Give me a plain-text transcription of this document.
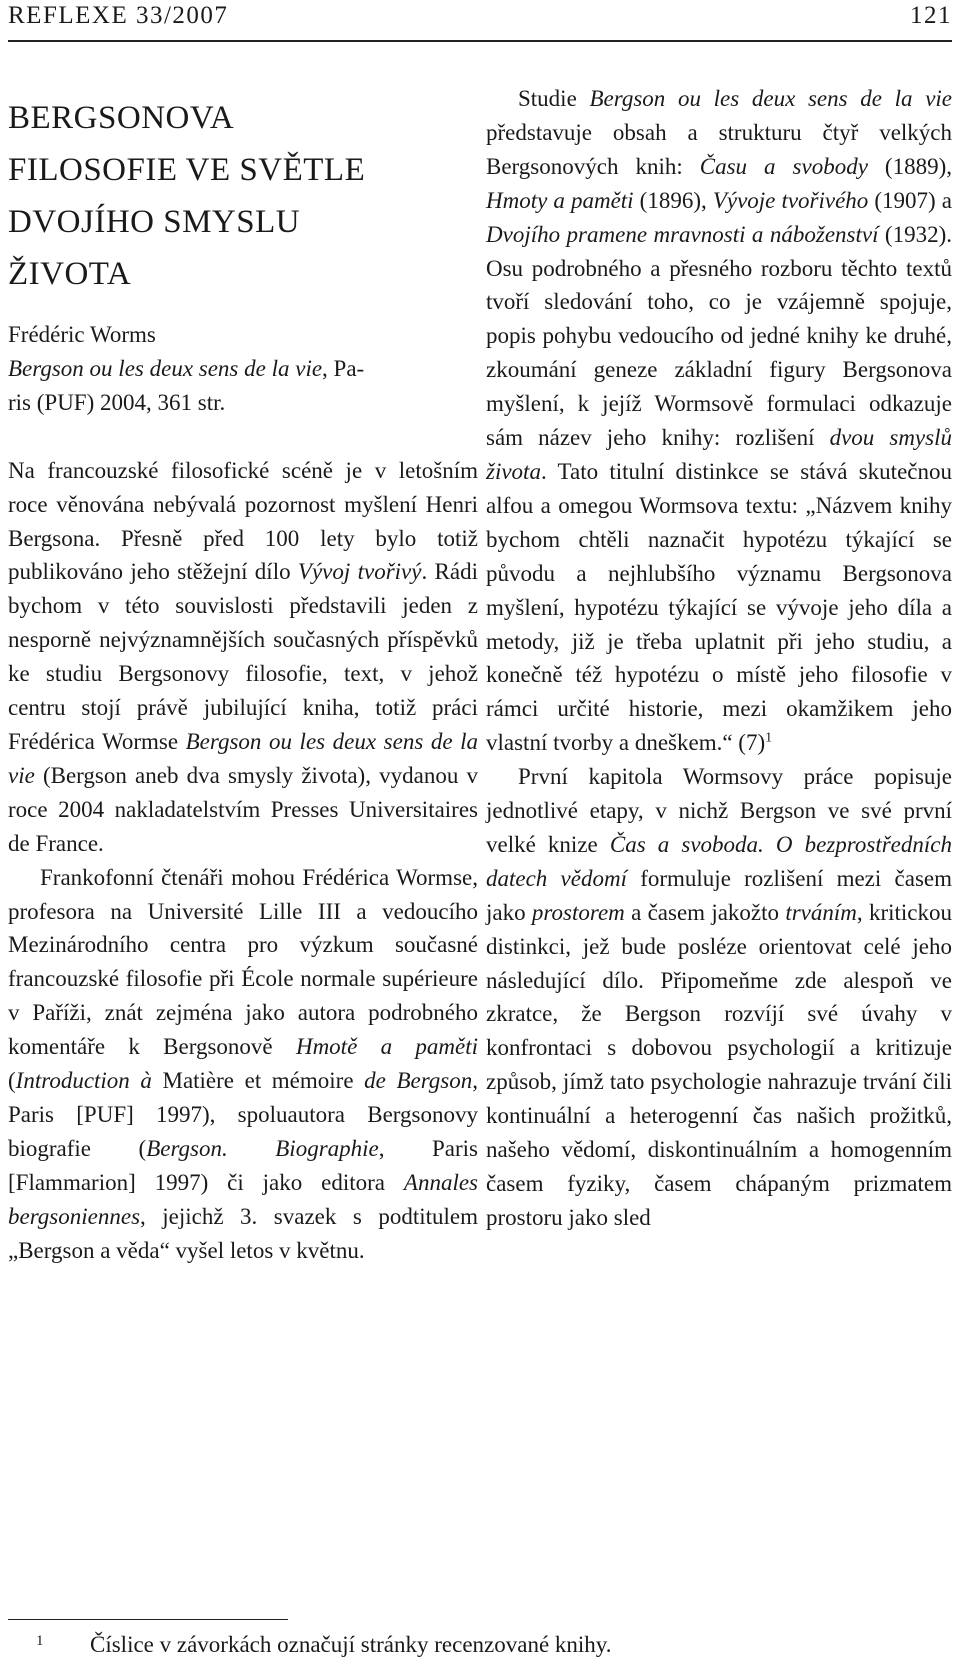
REFLEXE 33/2007	121
BERGSONOVA
FILOSOFIE VE SVĚTLE
DVOJÍHO SMYSLU
ŽIVOTA
Frédéric Worms
Bergson ou les deux sens de la vie, Pa-
ris (PUF) 2004, 361 str.

Na francouzské filosofické scéně je v letošním roce věnována nebývalá pozornost myšlení Henri Bergsona. Přesně před 100 lety bylo totiž publikováno jeho stěžejní dílo Vývoj tvořivý. Rádi bychom v této souvislosti představili jeden z nesporně nejvýznamnějších současných příspěvků ke studiu Bergsonovy filosofie, text, v jehož centru stojí právě jubilující kniha, totiž práci Frédérica Wormse Bergson ou les deux sens de la vie (Bergson aneb dva smysly života), vydanou v roce 2004 nakladatelstvím Presses Universitaires de France.

Frankofonní čtenáři mohou Frédérica Wormse, profesora na Université Lille III a vedoucího Mezinárodního centra pro výzkum současné francouzské filosofie při École normale supérieure v Paříži, znát zejména jako autora podrobného komentáře k Bergsonově Hmotě a paměti (Introduction à Matière et mémoire de Bergson, Paris [PUF] 1997), spoluautora Bergsonovy biografie (Bergson. Biographie, Paris [Flammarion] 1997) či jako editora Annales bergsoniennes, jejichž 3. svazek s podtitulem „Bergson a věda“ vyšel letos v květnu.

Studie Bergson ou les deux sens de la vie představuje obsah a strukturu čtyř velkých Bergsonových knih: Času a svobody (1889), Hmoty a paměti (1896), Vývoje tvořivého (1907) a Dvojího pramene mravnosti a náboženství (1932). Osu podrobného a přesného rozboru těchto textů tvoří sledování toho, co je vzájemně spojuje, popis pohybu vedoucího od jedné knihy ke druhé, zkoumání geneze základní figury Bergsonova myšlení, k jejíž Wormsově formulaci odkazuje sám název jeho knihy: rozlišení dvou smyslů života. Tato titulní distinkce se stává skutečnou alfou a omegou Wormsova textu: „Názvem knihy bychom chtěli naznačit hypotézu týkající se původu a nejhlubšího významu Bergsonova myšlení, hypotézu týkající se vývoje jeho díla a metody, již je třeba uplatnit při jeho studiu, a konečně též hypotézu o místě jeho filosofie v rámci určité historie, mezi okamžikem jeho vlastní tvorby a dneškem.“ $(7)^1$

První kapitola Wormsovy práce popisuje jednotlivé etapy, v nichž Bergson ve své první velké knize Čas a svoboda. O bezprostředních datech vědomí formuluje rozlišení mezi časem jako prostorem a časem jakožto trváním, kritickou distinkci, jež bude posléze orientovat celé jeho následující dílo. Připomeňme zde alespoň ve zkratce, že Bergson rozvíjí své úvahy v konfrontaci s dobovou psychologií a kritizuje způsob, jímž tato psychologie nahrazuje trvání čili kontinuální a heterogenní čas našich prožitků, našeho vědomí, diskontinuálním a homogenním časem fyziky, časem chápaným prizmatem prostoru jako sled

1 Číslice v závorkách označují stránky recenzované knihy.
